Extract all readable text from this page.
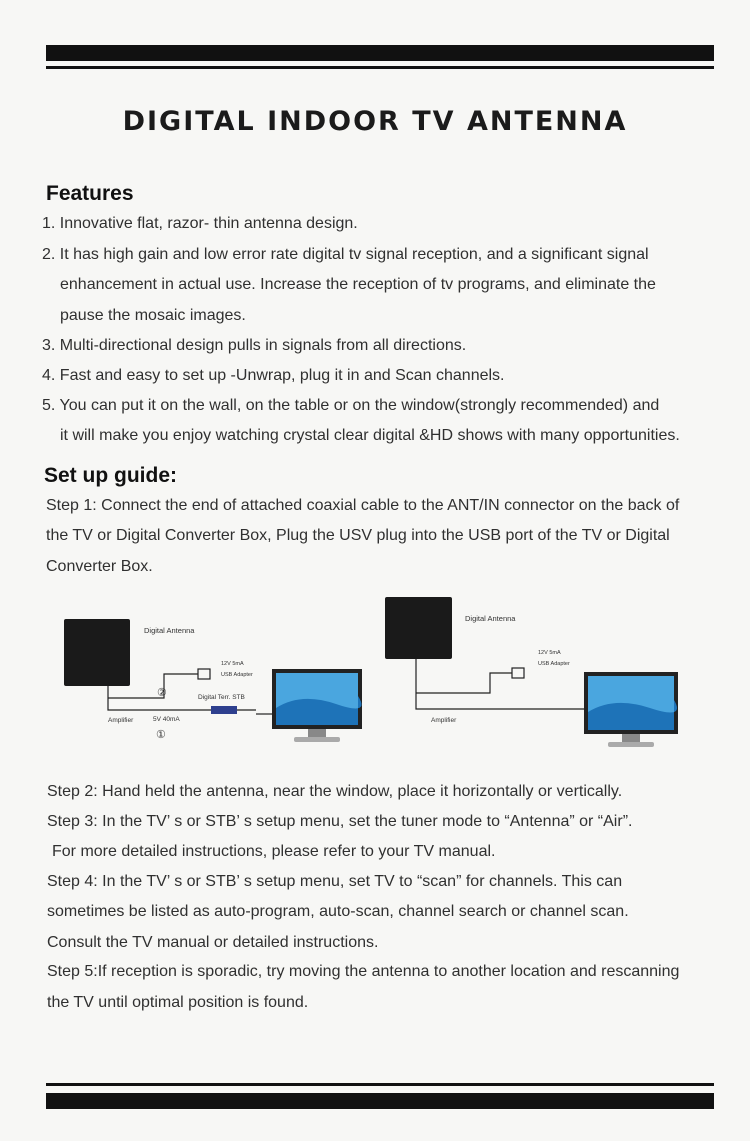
DIGITAL INDOOR TV ANTENNA
Features
1. Innovative flat, razor- thin antenna design.
2. It has high gain and low error rate digital tv signal reception, and a significant signal
enhancement in actual use. Increase the reception of tv programs, and eliminate the
pause the mosaic images.
3. Multi-directional design pulls in signals from all directions.
4. Fast and easy to set up -Unwrap, plug it in and Scan channels.
5. You can put it on the wall, on the table or on the window(strongly recommended) and
it will make you enjoy watching crystal clear digital &HD shows with many opportunities.
Set up guide:
Step 1: Connect the end of attached coaxial cable to the ANT/IN connector on the back of
the TV or Digital Converter Box, Plug the USV plug into the USB port of the TV or Digital
Converter Box.
Digital Antenna
12V 5mA
USB Adapter
②	Digital Terr. STB
Amplifier	5V 40mA
①
Digital Antenna
12V 5mA
USB Adapter
Amplifier
Step 2: Hand held the antenna, near the window, place it horizontally or vertically.
Step 3: In the TV’ s or STB’ s setup menu, set the tuner mode to “Antenna” or “Air”.
For more detailed instructions, please refer to your TV manual.
Step 4: In the TV’ s or STB’ s setup menu, set TV to “scan” for channels. This can
sometimes be listed as auto-program, auto-scan, channel search or channel scan.
Consult the TV manual or detailed instructions.
Step 5:If reception is sporadic, try moving the antenna to another location and rescanning
the TV until optimal position is found.
